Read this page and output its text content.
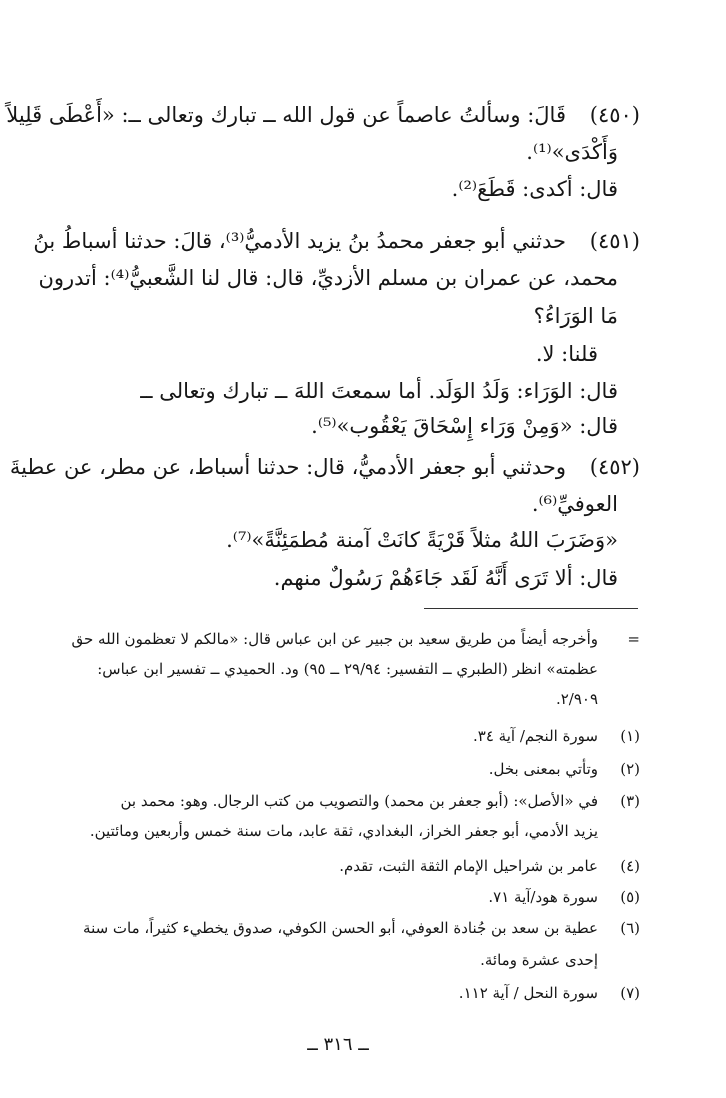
(٤٥٠)
قَالَ: وسألتُ عاصماً عن قول الله ــ تبارك وتعالى ــ: «أَعْطَى قَلِيلاً
وَأَكْدَى»⁽¹⁾.
قال: أكدى: قَطَعَ⁽²⁾.
(٤٥١)
حدثني أبو جعفر محمدُ بنُ يزيد الأدميُّ⁽³⁾، قالَ: حدثنا أسباطُ بنُ
محمد، عن عمران بن مسلم الأزديِّ، قال: قال لنا الشَّعبيُّ⁽⁴⁾: أتدرون
مَا الوَرَاءُ؟
قلنا: لا.
قال: الوَرَاء: وَلَدُ الوَلَد. أما سمعتَ اللهَ ــ تبارك وتعالى ــ
قال: «وَمِنْ وَرَاء إِسْحَاقَ يَعْقُوب»⁽⁵⁾.
(٤٥٢)
وحدثني أبو جعفر الأدميُّ، قال: حدثنا أسباط، عن مطر، عن عطيةَ
العوفيِّ⁽⁶⁾.
«وَضَرَبَ اللهُ مثلاً قَرْيَةً كانَتْ آمنة مُطمَئِنَّةً»⁽⁷⁾.
قال: ألا تَرَى أَنَّهُ لَقَد جَاءَهُمْ رَسُولٌ منهم.
=
وأخرجه أيضاً من طريق سعيد بن جبير عن ابن عباس قال: «مالكم لا تعظمون الله حق
عظمته» انظر (الطبري ــ التفسير: ٢٩/٩٤ ــ ٩٥) ود. الحميدي ــ تفسير ابن عباس:
٢/٩٠٩.
(١)
سورة النجم/ آية ٣٤.
(٢)
وتأتي بمعنى بخل.
(٣)
في «الأصل»: (أبو جعفر بن محمد) والتصويب من كتب الرجال. وهو: محمد بن
يزيد الأدمي، أبو جعفر الخراز، البغدادي، ثقة عابد، مات سنة خمس وأربعين ومائتين.
(٤)
عامر بن شراحيل الإمام الثقة الثبت، تقدم.
(٥)
سورة هود/آية ٧١.
(٦)
عطية بن سعد بن جُنادة العوفي، أبو الحسن الكوفي، صدوق يخطيء كثيراً، مات سنة
إحدى عشرة ومائة.
(٧)
سورة النحل / آية ١١٢.
ــ ٣١٦ ــ
